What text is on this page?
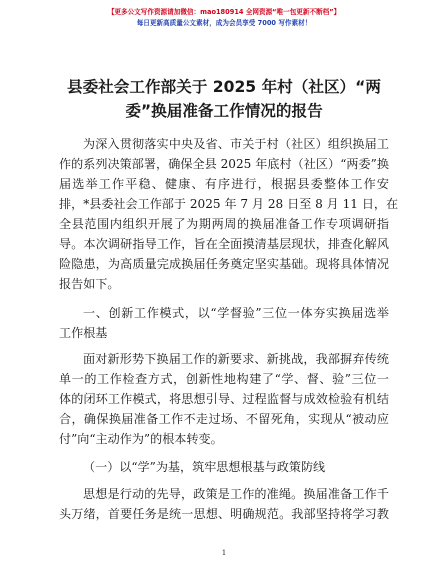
【更多公文写作资源请加微信：mao180914 全网资源“唯一包更新不断档”】
每日更新高质量公文素材，成为会员享受 7000 写作素材！
县委社会工作部关于 2025 年村（社区）“两
委”换届准备工作情况的报告
为深入贯彻落实中央及省、市关于村（社区）组织换届工
作的系列决策部署，确保全县 2025 年底村（社区）“两委”换
届选举工作平稳、健康、有序进行，根据县委整体工作安
排，*县委社会工作部于 2025 年 7 月 28 日至 8 月 11 日，在
全县范围内组织开展了为期两周的换届准备工作专项调研指
导。本次调研指导工作，旨在全面摸清基层现状，排查化解风
险隐患，为高质量完成换届任务奠定坚实基础。现将具体情况
报告如下。
一、创新工作模式，以“学督验”三位一体夯实换届选举
工作根基
面对新形势下换届工作的新要求、新挑战，我部摒弃传统
单一的工作检查方式，创新性地构建了“学、督、验”三位一
体的闭环工作模式，将思想引导、过程监督与成效检验有机结
合，确保换届准备工作不走过场、不留死角，实现从“被动应
付”向“主动作为”的根本转变。
（一）以“学”为基，筑牢思想根基与政策防线
思想是行动的先导，政策是工作的准绳。换届准备工作千
头万绪，首要任务是统一思想、明确规范。我部坚持将学习教
1
